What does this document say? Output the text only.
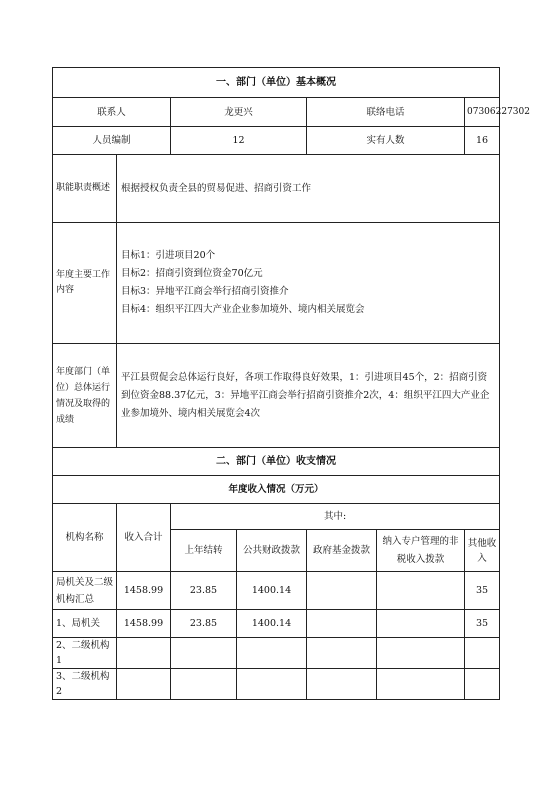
一、部门（单位）基本概况						
联系人		龙更兴		联络电话		07306227302
人员编制		12		实有人数		16
职能职责概述	根据授权负责全县的贸易促进、招商引资工作					
年度主要工作内容	目标1：引进项目20个
目标2：招商引资到位资金70亿元
目标3：异地平江商会举行招商引资推介
目标4：组织平江四大产业企业参加境外、境内相关展览会					

年度部门（单位）总体运行情况及取得的成绩	平江县贸促会总体运行良好，各项工作取得良好效果，1：引进项目45个，2：招商引资到位资金88.37亿元，3：异地平江商会举行招商引资推介2次，4：组织平江四大产业企业参加境外、境内相关展览会4次					
二、部门（单位）收支情况						
年度收入情况（万元）						
机构名称	收入合计	其中:				
		上年结转	公共财政拨款	政府基金拨款	纳入专户管理的非税收入拨款	其他收入
局机关及二级机构汇总	1458.99	23.85	1400.14			35
1、局机关	1458.99	23.85	1400.14			35
2、二级机构1						
3、二级机构2						
